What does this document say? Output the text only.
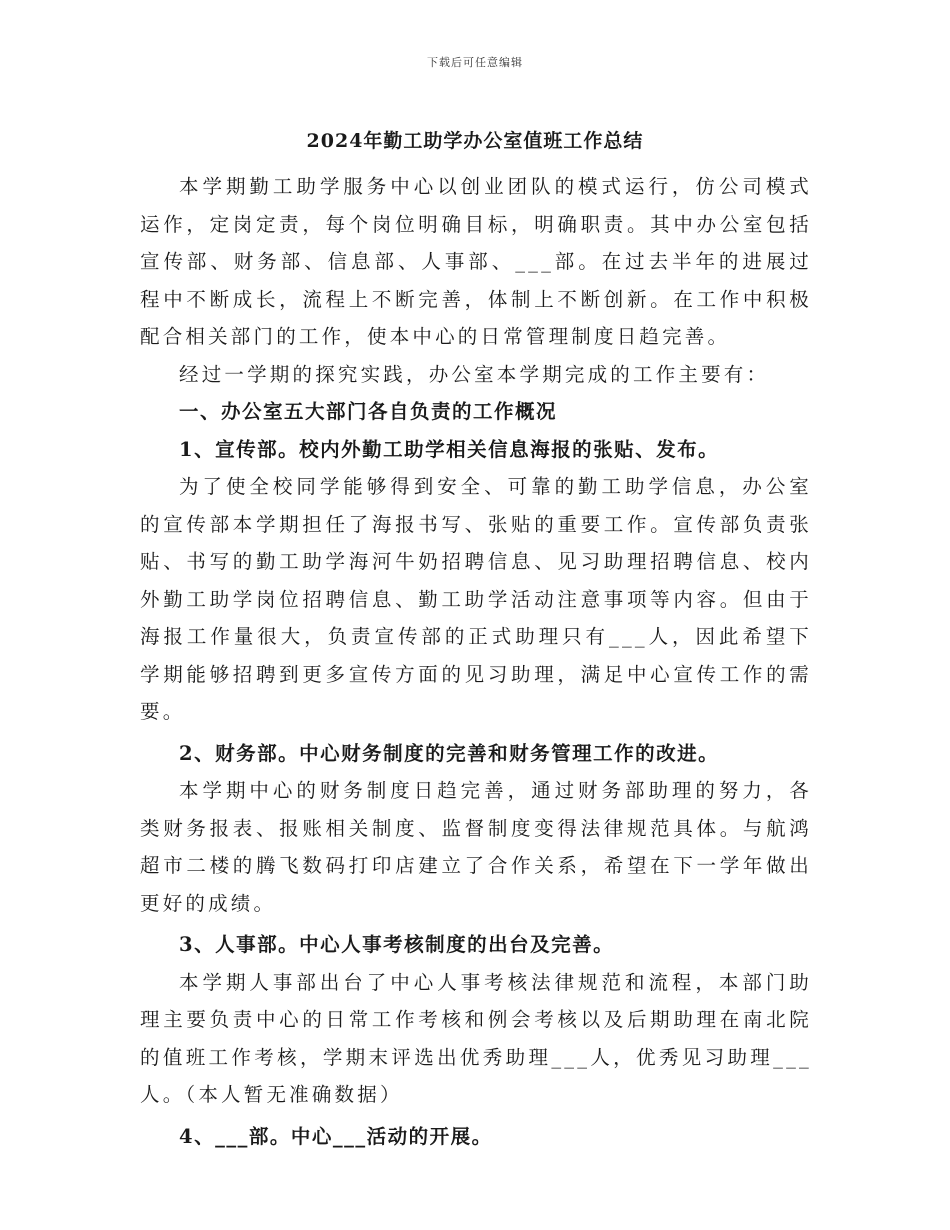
下载后可任意编辑
2024年勤工助学办公室值班工作总结

本学期勤工助学服务中心以创业团队的模式运行，仿公司模式运作，定岗定责，每个岗位明确目标，明确职责。其中办公室包括宣传部、财务部、信息部、人事部、___部。在过去半年的进展过程中不断成长，流程上不断完善，体制上不断创新。在工作中积极配合相关部门的工作，使本中心的日常管理制度日趋完善。

经过一学期的探究实践，办公室本学期完成的工作主要有：

一、办公室五大部门各自负责的工作概况

1、宣传部。校内外勤工助学相关信息海报的张贴、发布。

为了使全校同学能够得到安全、可靠的勤工助学信息，办公室的宣传部本学期担任了海报书写、张贴的重要工作。宣传部负责张贴、书写的勤工助学海河牛奶招聘信息、见习助理招聘信息、校内外勤工助学岗位招聘信息、勤工助学活动注意事项等内容。但由于海报工作量很大，负责宣传部的正式助理只有___人，因此希望下学期能够招聘到更多宣传方面的见习助理，满足中心宣传工作的需要。

2、财务部。中心财务制度的完善和财务管理工作的改进。

本学期中心的财务制度日趋完善，通过财务部助理的努力，各类财务报表、报账相关制度、监督制度变得法律规范具体。与航鸿超市二楼的腾飞数码打印店建立了合作关系，希望在下一学年做出更好的成绩。

3、人事部。中心人事考核制度的出台及完善。

本学期人事部出台了中心人事考核法律规范和流程，本部门助理主要负责中心的日常工作考核和例会考核以及后期助理在南北院的值班工作考核，学期末评选出优秀助理___人，优秀见习助理___人。（本人暂无准确数据）

4、___部。中心___活动的开展。
